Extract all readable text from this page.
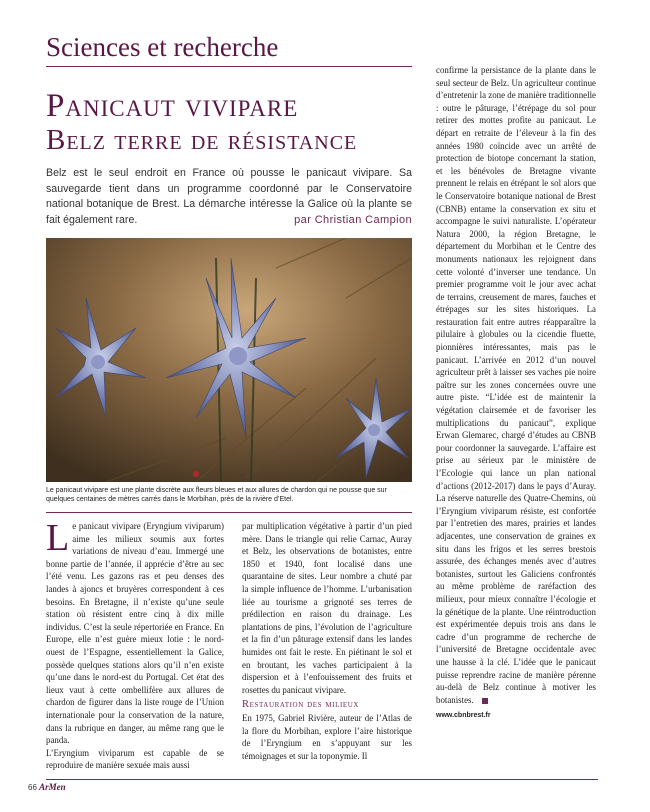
Sciences et recherche
Panicaut vivipare
Belz terre de résistance
Belz est le seul endroit en France où pousse le panicaut vivipare. Sa sauvegarde tient dans un programme coordonné par le Conservatoire national botanique de Brest. La démarche intéresse la Galice où la plante se fait également rare.	par Christian Campion
Le panicaut vivipare est une plante discrète aux fleurs bleues et aux allures de chardon qui ne pousse que sur quelques centaines de mètres carrés dans le Morbihan, près de la rivière d’Etel.
L e panicaut vivipare (Eryngium viviparum) aime les milieux soumis aux fortes variations de niveau d’eau. Immergé une bonne partie de l’année, il apprécie d’être au sec l’été venu. Les gazons ras et peu denses des landes à ajoncs et bruyères correspondent à ces besoins. En Bretagne, il n’existe qu’une seule station où résistent entre cinq à dix mille individus. C’est la seule répertoriée en France. En Europe, elle n’est guère mieux lotie : le nord-ouest de l’Espagne, essentiellement la Galice, possède quelques stations alors qu’il n’en existe qu’une dans le nord-est du Portugal. Cet état des lieux vaut à cette ombellifère aux allures de chardon de figurer dans la liste rouge de l’Union internationale pour la conservation de la nature, dans la rubrique en danger, au même rang que le panda.

L’Eryngium viviparum est capable de se reproduire de manière sexuée mais aussi

par multiplication végétative à partir d’un pied mère. Dans le triangle qui relie Carnac, Auray et Belz, les observations de botanistes, entre 1850 et 1940, font localisé dans une quarantaine de sites. Leur nombre a chuté par la simple influence de l’homme. L’urbanisation liée au tourisme a grignoté ses terres de prédilection en raison du drainage. Les plantations de pins, l’évolution de l’agriculture et la fin d’un pâturage extensif dans les landes humides ont fait le reste. En piétinant le sol et en broutant, les vaches participaient à la dispersion et à l’enfouissement des fruits et rosettes du panicaut vivipare.

Restauration des milieux

En 1975, Gabriel Rivière, auteur de l’Atlas de la flore du Morbihan, explore l’aire historique de l’Eryngium en s’appuyant sur les témoignages et sur la toponymie. Il

confirme la persistance de la plante dans le seul secteur de Belz. Un agriculteur continue d’entretenir la zone de manière traditionnelle : outre le pâturage, l’étrépage du sol pour retirer des mottes profite au panicaut. Le départ en retraite de l’éleveur à la fin des années 1980 coïncide avec un arrêté de protection de biotope concernant la station, et les bénévoles de Bretagne vivante prennent le relais en étrépant le sol alors que le Conservatoire botanique national de Brest (CBNB) entame la conservation ex situ et accompagne le suivi naturaliste. L’opérateur Natura 2000, la région Bretagne, le département du Morbihan et le Centre des monuments nationaux les rejoignent dans cette volonté d’inverser une tendance. Un premier programme voit le jour avec achat de terrains, creusement de mares, fauches et étrépages sur les sites historiques. La restauration fait entre autres réapparaître la pilulaire à globules ou la cicendie fluette, pionnières intéressantes, mais pas le panicaut. L’arrivée en 2012 d’un nouvel agriculteur prêt à laisser ses vaches pie noire paître sur les zones concernées ouvre une autre piste. “L’idée est de maintenir la végétation clairsemée et de favoriser les multiplications du panicaut”, explique Erwan Glemarec, chargé d’études au CBNB pour coordonner la sauvegarde. L’affaire est prise au sérieux par le ministère de l’Ecologie qui lance un plan national d’actions (2012-2017) dans le pays d’Auray. La réserve naturelle des Quatre-Chemins, où l’Eryngium viviparum résiste, est confortée par l’entretien des mares, prairies et landes adjacentes, une conservation de graines ex situ dans les frigos et les serres brestois assurée, des échanges menés avec d’autres botanistes, surtout les Galiciens confrontés au même problème de raréfaction des milieux, pour mieux connaître l’écologie et la génétique de la plante. Une réintroduction est expérimentée depuis trois ans dans le cadre d’un programme de recherche de l’université de Bretagne occidentale avec une hausse à la clé. L’idée que le panicaut puisse reprendre racine de manière pérenne au-delà de Belz continue à motiver les botanistes.

www.cbnbrest.fr
66 ArMen
